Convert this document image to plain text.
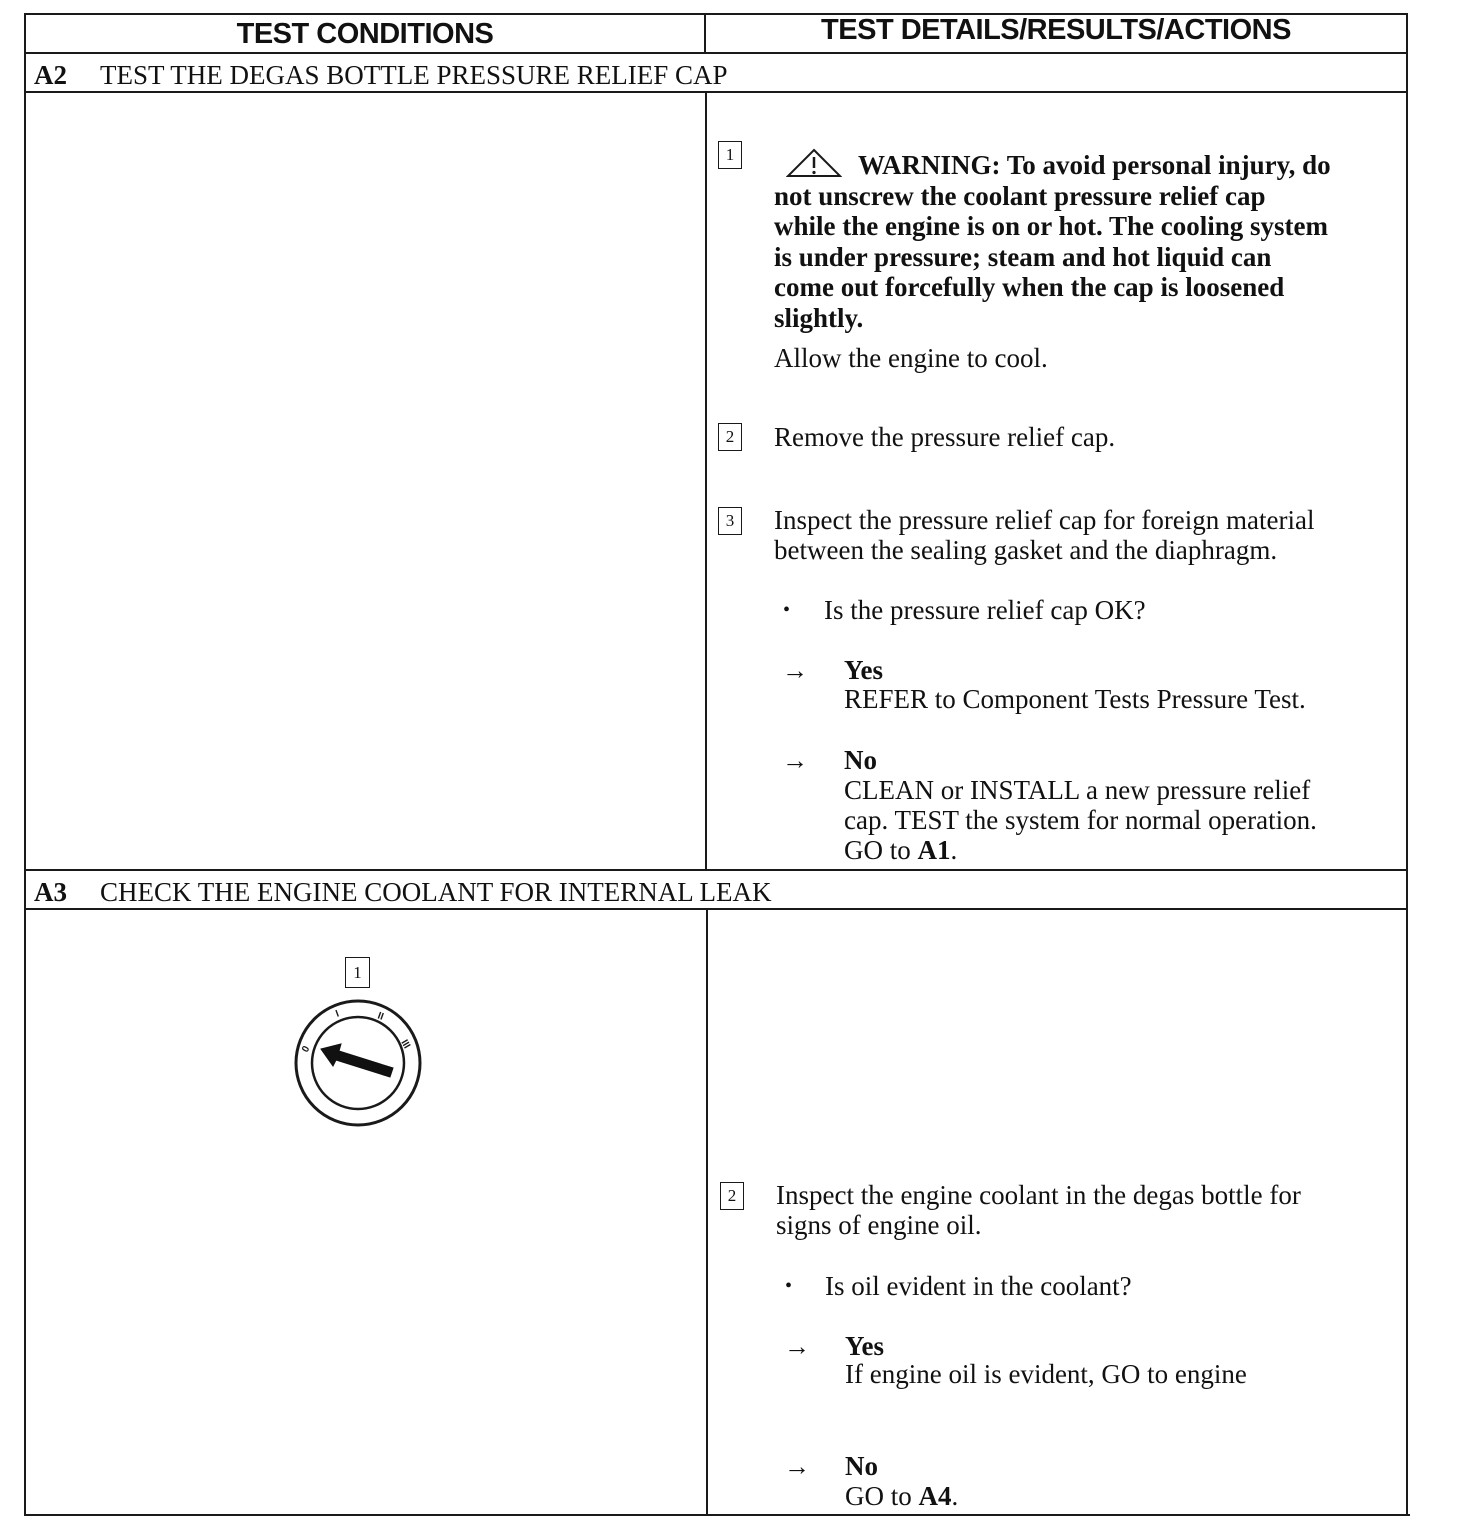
TEST CONDITIONS	TEST DETAILS/RESULTS/ACTIONS
A2 TEST THE DEGAS BOTTLE PRESSURE RELIEF CAP
1	WARNING: To avoid personal injury, do
not unscrew the coolant pressure relief cap
while the engine is on or hot. The cooling system
is under pressure; steam and hot liquid can
come out forcefully when the cap is loosened
slightly.
Allow the engine to cool.
2 Remove the pressure relief cap.
3 Inspect the pressure relief cap for foreign material
between the sealing gasket and the diaphragm.
• Is the pressure relief cap OK?
→ Yes
REFER to Component Tests Pressure Test.
→ No
CLEAN or INSTALL a new pressure relief
cap. TEST the system for normal operation.
GO to A1.
A3 CHECK THE ENGINE COOLANT FOR INTERNAL LEAK
1
0
I	II
III
2 Inspect the engine coolant in the degas bottle for
signs of engine oil.
• Is oil evident in the coolant?
→ Yes
If engine oil is evident, GO to engine
→ No
GO to A4.
